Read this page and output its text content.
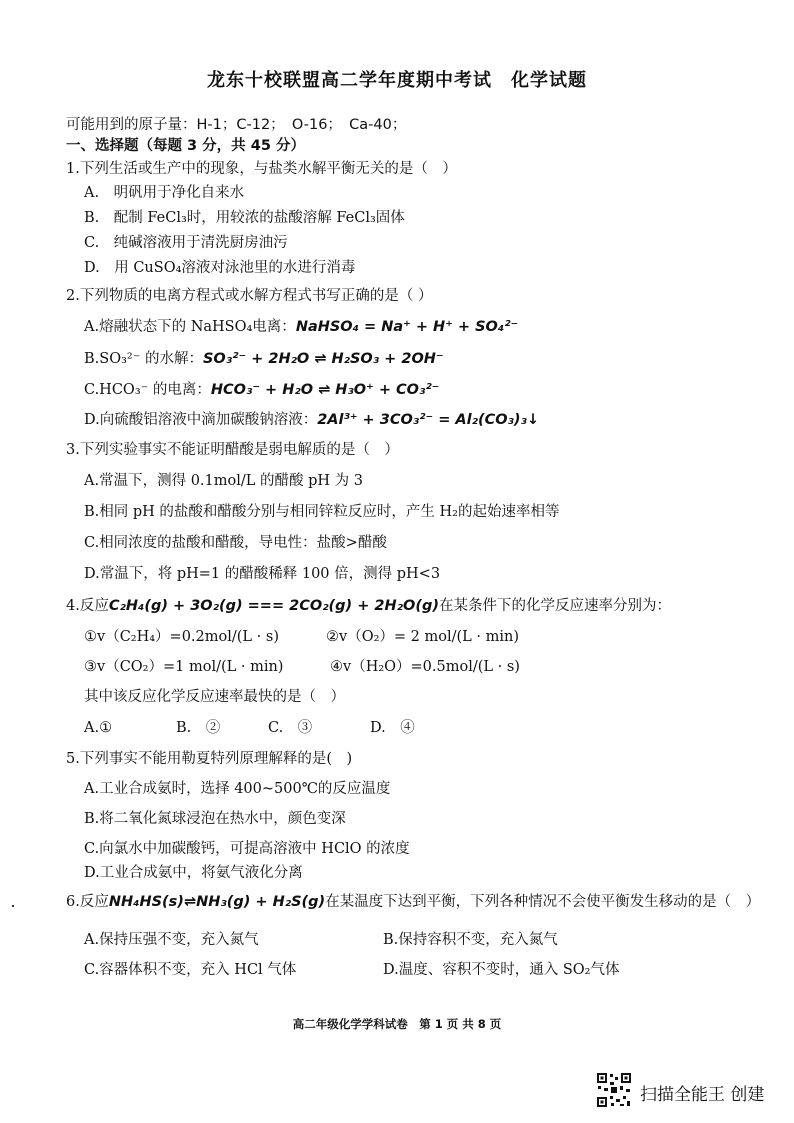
龙东十校联盟高二学年度期中考试　化学试题
可能用到的原子量：H-1；C-12；　O-16；　Ca-40；
一、选择题（每题 3 分，共 45 分）
1.下列生活或生产中的现象，与盐类水解平衡无关的是（　）
A.　明矾用于净化自来水
B.　配制 FeCl₃时，用较浓的盐酸溶解 FeCl₃固体
C.　纯碱溶液用于清洗厨房油污
D.　用 CuSO₄溶液对泳池里的水进行消毒
2.下列物质的电离方程式或水解方程式书写正确的是（ ）
A.熔融状态下的 NaHSO₄电离：NaHSO₄ = Na⁺ + H⁺ + SO₄²⁻
B.SO₃²⁻ 的水解：SO₃²⁻ + 2H₂O ⇌ H₂SO₃ + 2OH⁻
C.HCO₃⁻ 的电离：HCO₃⁻ + H₂O ⇌ H₃O⁺ + CO₃²⁻
D.向硫酸铝溶液中滴加碳酸钠溶液：2Al³⁺ + 3CO₃²⁻ = Al₂(CO₃)₃↓
3.下列实验事实不能证明醋酸是弱电解质的是（　）
A.常温下，测得 0.1mol/L 的醋酸 pH 为 3
B.相同 pH 的盐酸和醋酸分别与相同锌粒反应时，产生 H₂的起始速率相等
C.相同浓度的盐酸和醋酸，导电性：盐酸>醋酸
D.常温下，将 pH=1 的醋酸稀释 100 倍，测得 pH<3
4.反应C₂H₄(g) + 3O₂(g) === 2CO₂(g) + 2H₂O(g)在某条件下的化学反应速率分别为：
①v（C₂H₄）=0.2mol/(L · s)	②v（O₂）= 2 mol/(L · min)
③v（CO₂）=1 mol/(L · min)	④v（H₂O）=0.5mol/(L · s)
其中该反应化学反应速率最快的是（　）
A.①	B.　②	C.　③	D.　④
5.下列事实不能用勒夏特列原理解释的是(　)
A.工业合成氨时，选择 400~500℃的反应温度
B.将二氧化氮球浸泡在热水中，颜色变深
C.向氯水中加碳酸钙，可提高溶液中 HClO 的浓度
D.工业合成氨中，将氨气液化分离
6.反应NH₄HS(s)⇌NH₃(g) + H₂S(g)在某温度下达到平衡，下列各种情况不会使平衡发生移动的是（　）
A.保持压强不变，充入氮气	B.保持容积不变，充入氮气
C.容器体积不变，充入 HCl 气体	D.温度、容积不变时，通入 SO₂气体
高二年级化学学科试卷　第 1 页 共 8 页
扫描全能王 创建
